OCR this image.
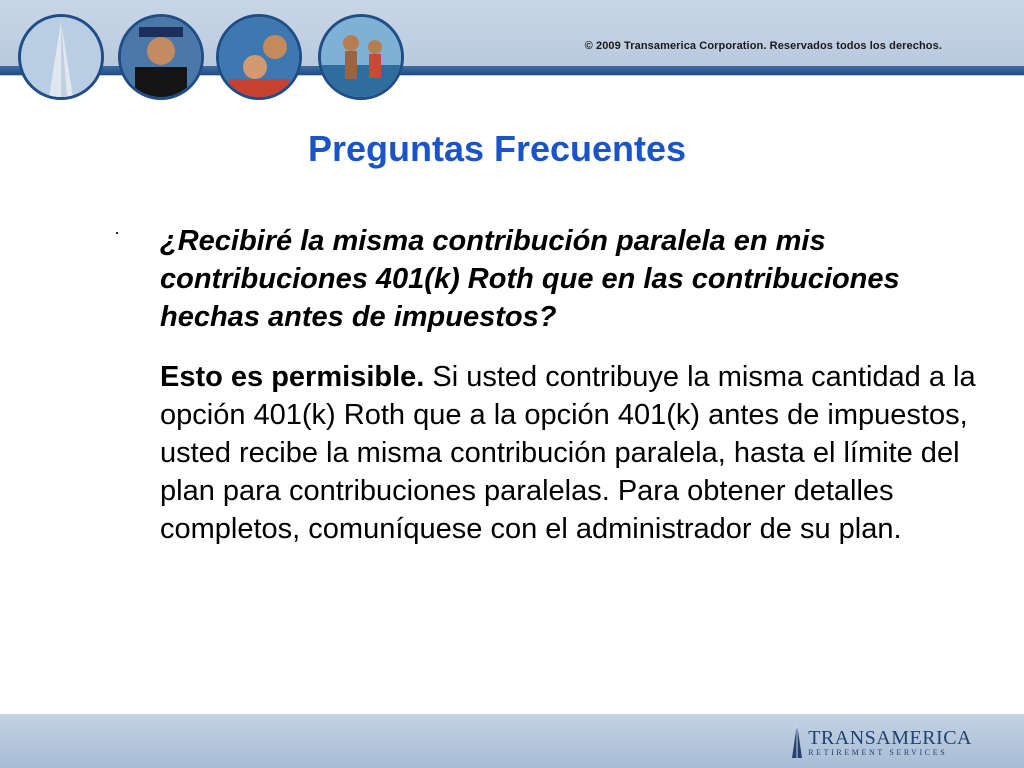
© 2009 Transamerica Corporation. Reservados todos los derechos.
Preguntas Frecuentes
· ¿Recibiré la misma contribución paralela en mis contribuciones 401(k) Roth que en las contribuciones hechas antes de impuestos?
Esto es permisible. Si usted contribuye la misma cantidad a la opción 401(k) Roth que a la opción 401(k) antes de impuestos, usted recibe la misma contribución paralela, hasta el límite del plan para contribuciones paralelas. Para obtener detalles completos, comuníquese con el administrador de su plan.
TRANSAMERICA
RETIREMENT SERVICES
